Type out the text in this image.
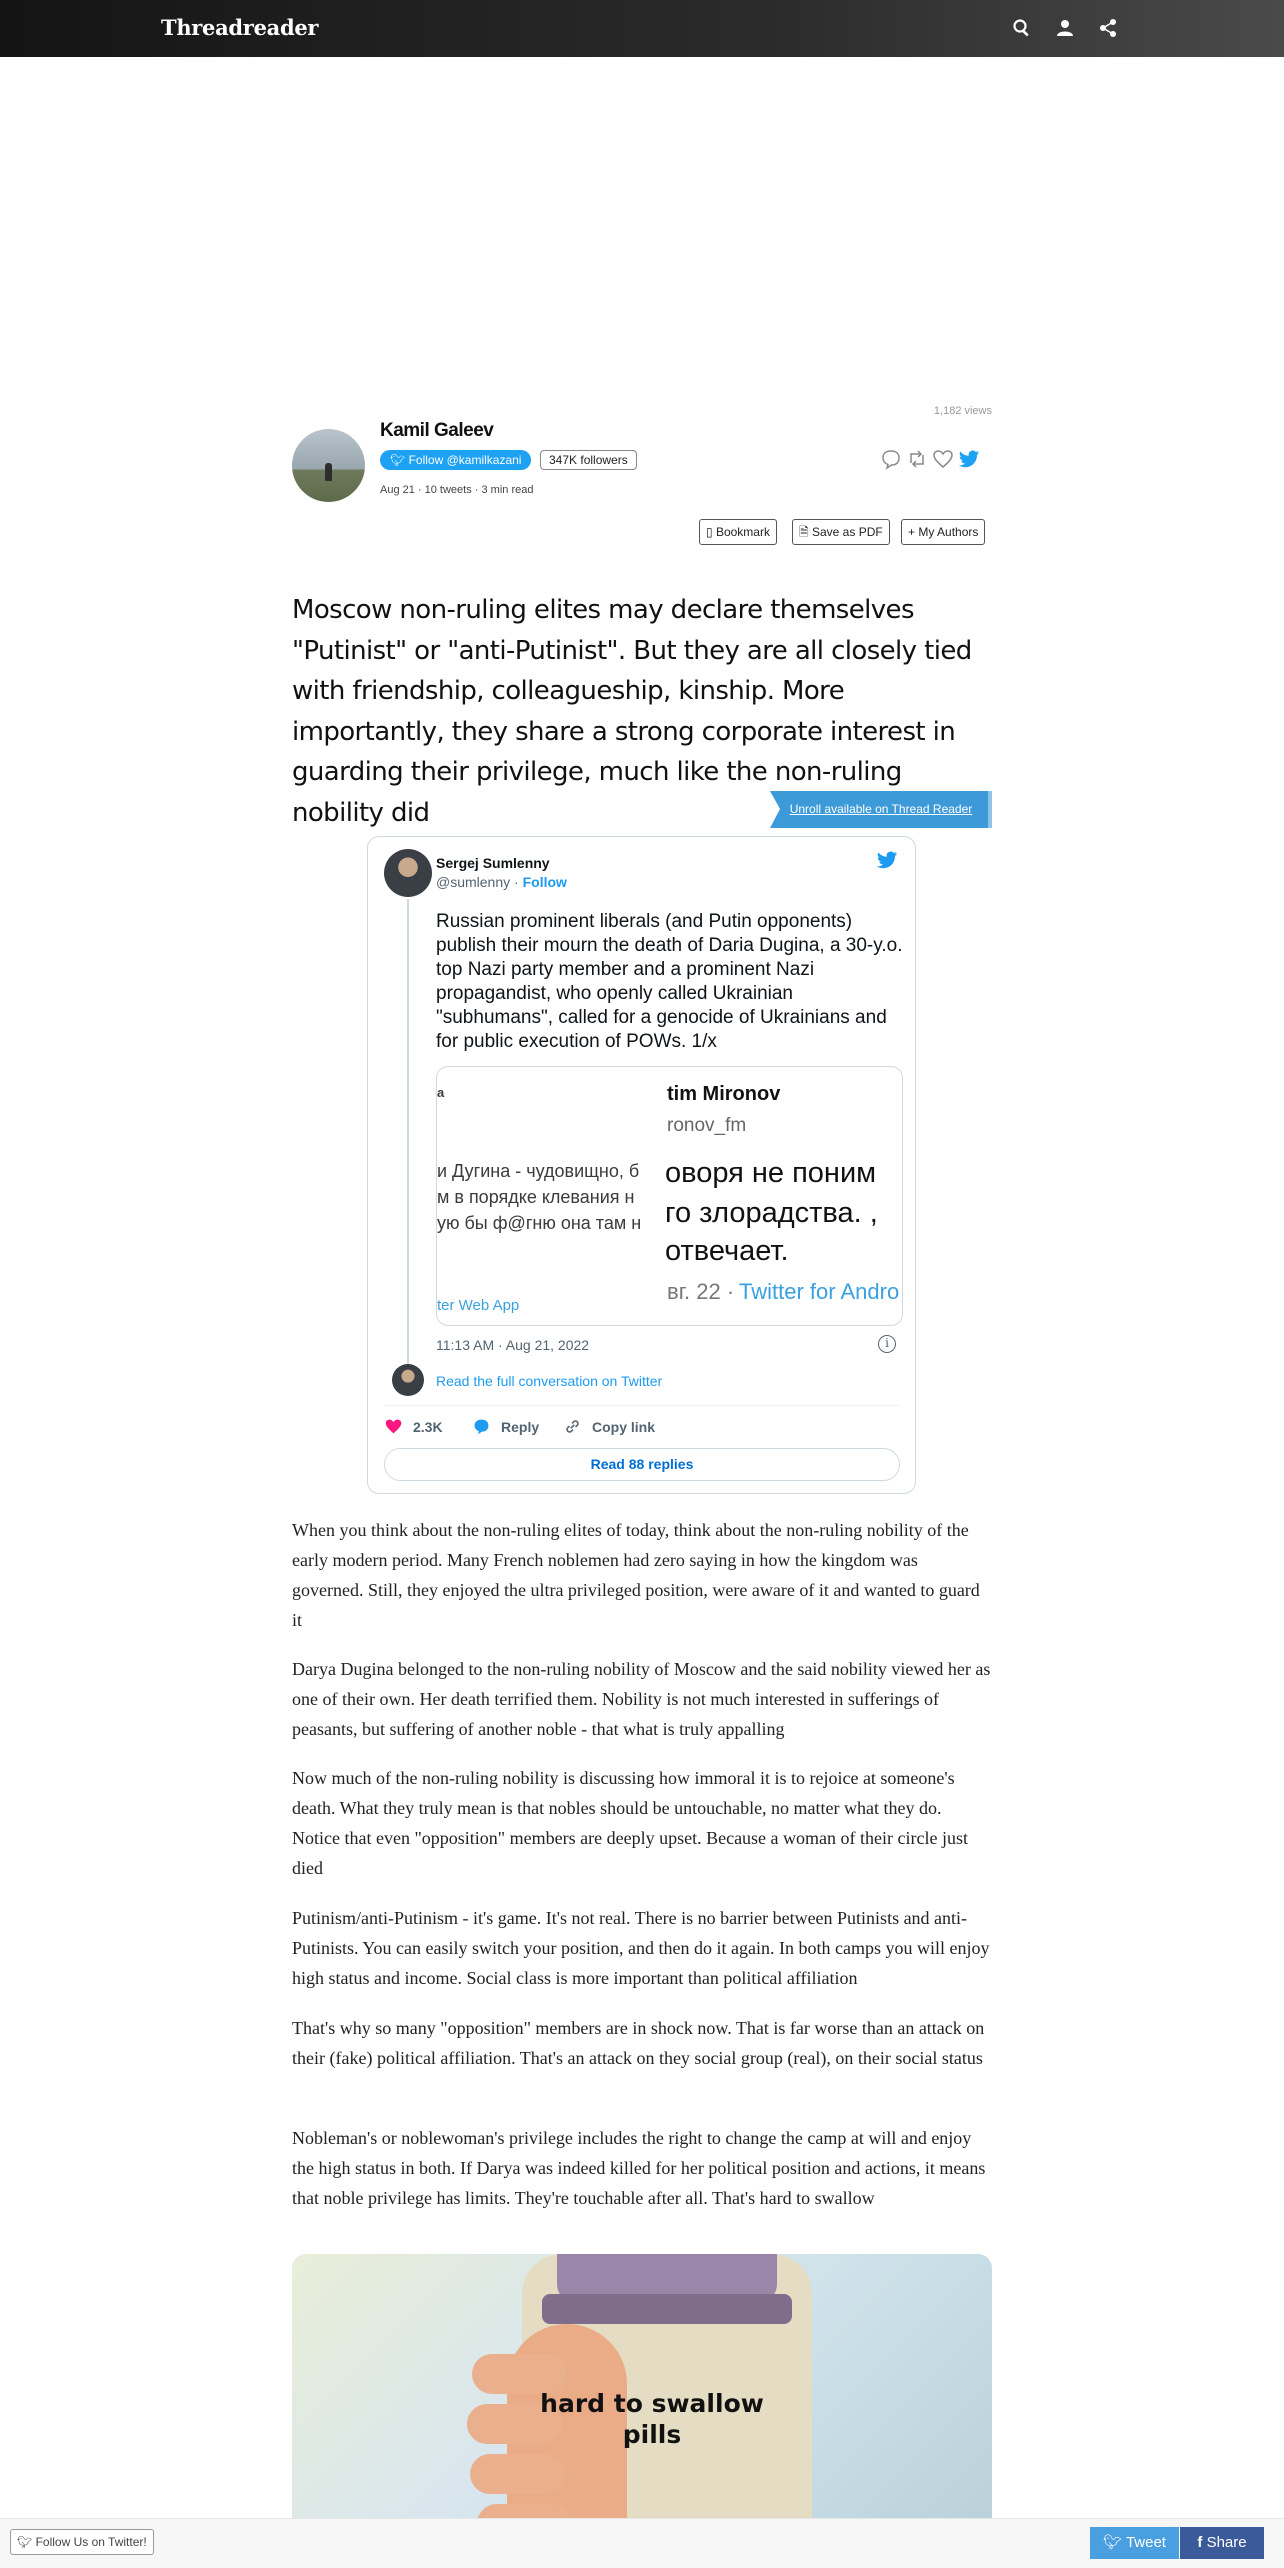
Threadreader
1,182 views
Kamil Galeev
🐦︎ Follow @kamilkazani	347K followers
Aug 21 · 10 tweets · 3 min read
▯ Bookmark	🗎︎ Save as PDF	+ My Authors
Moscow non-ruling elites may declare themselves "Putinist" or "anti-Putinist". But they are all closely tied with friendship, colleagueship, kinship. More importantly, they share a strong corporate interest in guarding their privilege, much like the non-ruling nobility did	Unroll available on Thread Reader
Sergej Sumlenny
@sumlenny · Follow
Russian prominent liberals (and Putin opponents) publish their mourn the death of Daria Dugina, a 30-y.o. top Nazi party member and a prominent Nazi propagandist, who openly called Ukrainian "subhumans", called for a genocide of Ukrainians and for public execution of POWs. 1/x
a
и Дугина - чудовищно, б
м в порядке клевания н
ую бы ф@гню она там н
ter Web App
tim Mironov
ronov_fm
оворя не поним
го злорадства. ,
отвечает.
вг. 22 · Twitter for Andro
11:13 AM · Aug 21, 2022	i
Read the full conversation on Twitter
2.3K	Reply	Copy link
Read 88 replies
When you think about the non-ruling elites of today, think about the non-ruling nobility of the early modern period. Many French noblemen had zero saying in how the kingdom was governed. Still, they enjoyed the ultra privileged position, were aware of it and wanted to guard it
Darya Dugina belonged to the non-ruling nobility of Moscow and the said nobility viewed her as one of their own. Her death terrified them. Nobility is not much interested in sufferings of peasants, but suffering of another noble - that what is truly appalling
Now much of the non-ruling nobility is discussing how immoral it is to rejoice at someone's death. What they truly mean is that nobles should be untouchable, no matter what they do. Notice that even "opposition" members are deeply upset. Because a woman of their circle just died
Putinism/anti-Putinism - it's game. It's not real. There is no barrier between Putinists and anti-Putinists. You can easily switch your position, and then do it again. In both camps you will enjoy high status and income. Social class is more important than political affiliation
That's why so many "opposition" members are in shock now. That is far worse than an attack on their (fake) political affiliation. That's an attack on they social group (real), on their social status
Nobleman's or noblewoman's privilege includes the right to change the camp at will and enjoy the high status in both. If Darya was indeed killed for her political position and actions, it means that noble privilege has limits. They're touchable after all. That's hard to swallow
hard to swallow
pills
🐦︎ Follow Us on Twitter!	🐦︎ Tweet	f Share
